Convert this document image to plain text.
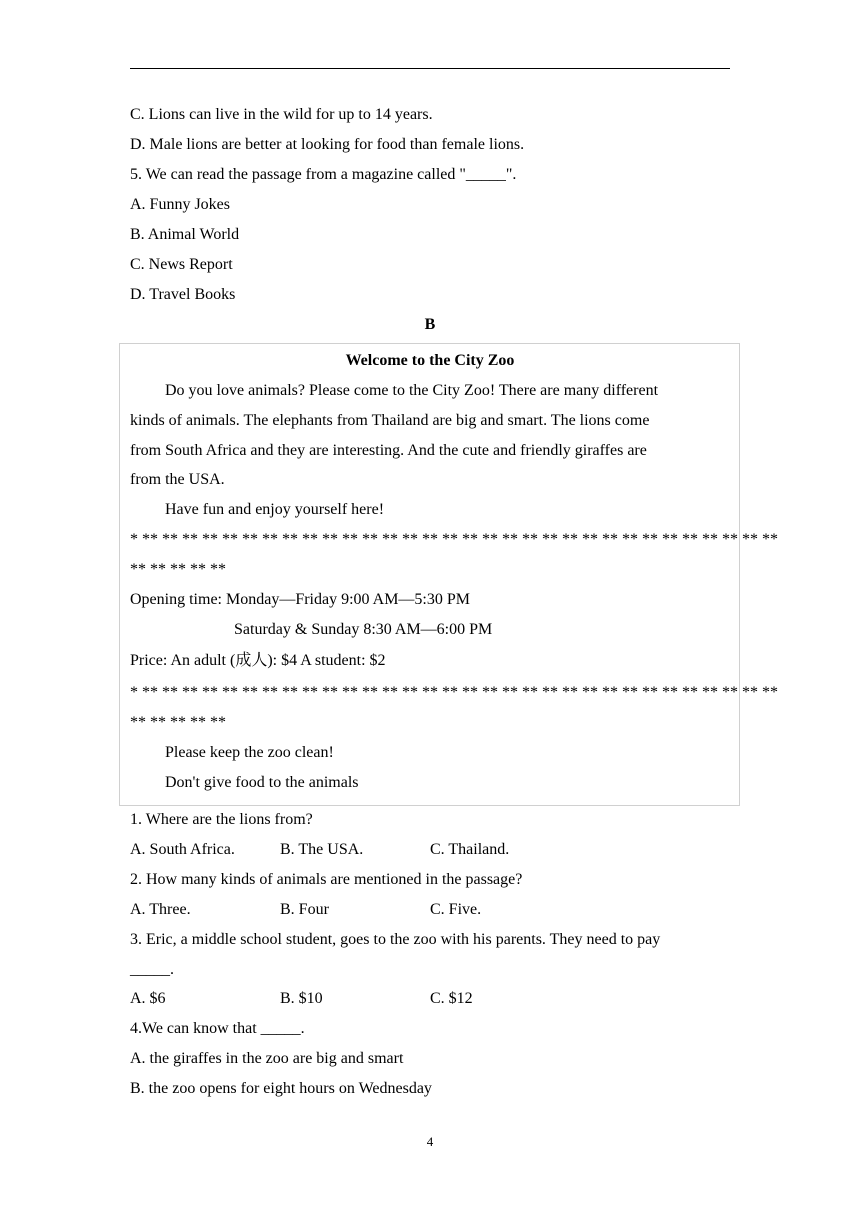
C. Lions can live in the wild for up to 14 years.
D. Male lions are better at looking for food than female lions.
5. We can read the passage from a magazine called "_____".
A. Funny Jokes
B. Animal World
C. News Report
D. Travel Books
B
Welcome to the City Zoo
Do you love animals? Please come to the City Zoo! There are many different
kinds of animals. The elephants from Thailand are big and smart. The lions come
from South Africa and they are interesting. And the cute and friendly giraffes are
from the USA.
Have fun and enjoy yourself here!
* ** ** ** ** ** ** ** ** ** ** ** ** ** ** ** ** ** ** ** ** ** ** ** ** ** ** ** ** ** ** ** **
** ** ** ** **
Opening time: Monday—Friday 9:00 AM—5:30 PM
Saturday & Sunday 8:30 AM—6:00 PM
Price: An adult (成人): $4 A student: $2
* ** ** ** ** ** ** ** ** ** ** ** ** ** ** ** ** ** ** ** ** ** ** ** ** ** ** ** ** ** ** ** **
** ** ** ** **
Please keep the zoo clean!
Don't give food to the animals
1. Where are the lions from?
A. South Africa.	B. The USA.	C. Thailand.
2. How many kinds of animals are mentioned in the passage?
A. Three.	B. Four	C. Five.
3. Eric, a middle school student, goes to the zoo with his parents. They need to pay
_____.
A. $6	B. $10	C. $12
4.We can know that _____.
A. the giraffes in the zoo are big and smart
B. the zoo opens for eight hours on Wednesday
4
